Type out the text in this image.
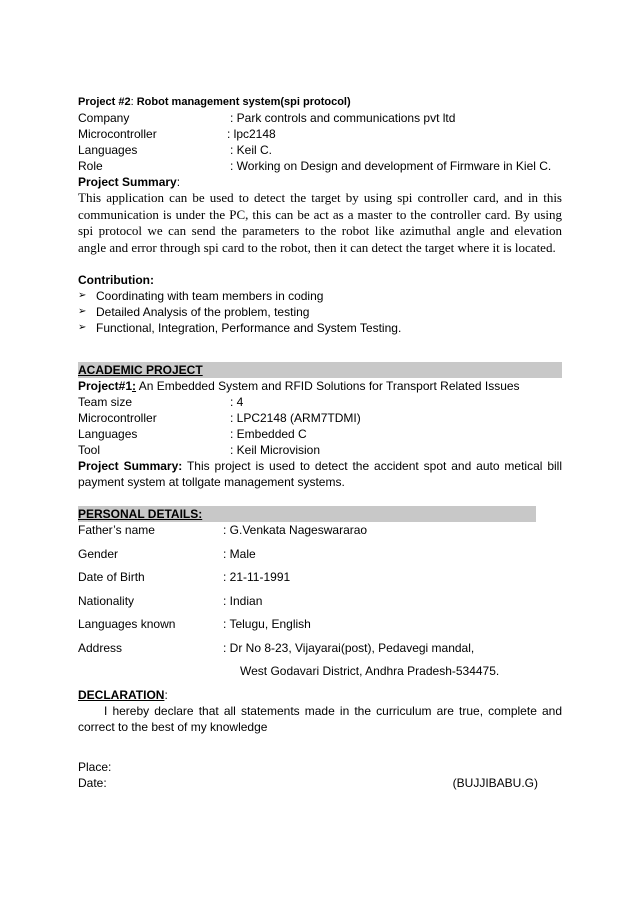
Project #2: Robot management system(spi protocol)
Company	: Park controls and communications pvt ltd
Microcontroller	: lpc2148
Languages	: Keil C.
Role	: Working on Design and development of Firmware in Kiel C.
Project Summary:
This application can be used to detect the target by using spi controller card, and in this communication is under the PC, this can be act as a master to the controller card. By using spi protocol we can send the parameters to the robot like azimuthal angle and elevation angle and error through spi card to the robot, then it can detect the target where it is located.
Contribution:
➢ Coordinating with team members in coding
➢ Detailed Analysis of the problem, testing
➢ Functional, Integration, Performance and System Testing.
ACADEMIC PROJECT
Project#1: An Embedded System and RFID Solutions for Transport Related Issues
Team size	: 4
Microcontroller	: LPC2148 (ARM7TDMI)
Languages	: Embedded C
Tool	: Keil Microvision
Project Summary: This project is used to detect the accident spot and auto metical bill payment system at tollgate management systems.
PERSONAL DETAILS:
Father’s name	: G.Venkata Nageswararao
Gender	: Male
Date of Birth	: 21-11-1991
Nationality	: Indian
Languages known	: Telugu, English
Address	: Dr No 8-23, Vijayarai(post), Pedavegi mandal,
West Godavari District, Andhra Pradesh-534475.
DECLARATION:
I hereby declare that all statements made in the curriculum are true, complete and correct to the best of my knowledge
Place:
Date:	(BUJJIBABU.G)
